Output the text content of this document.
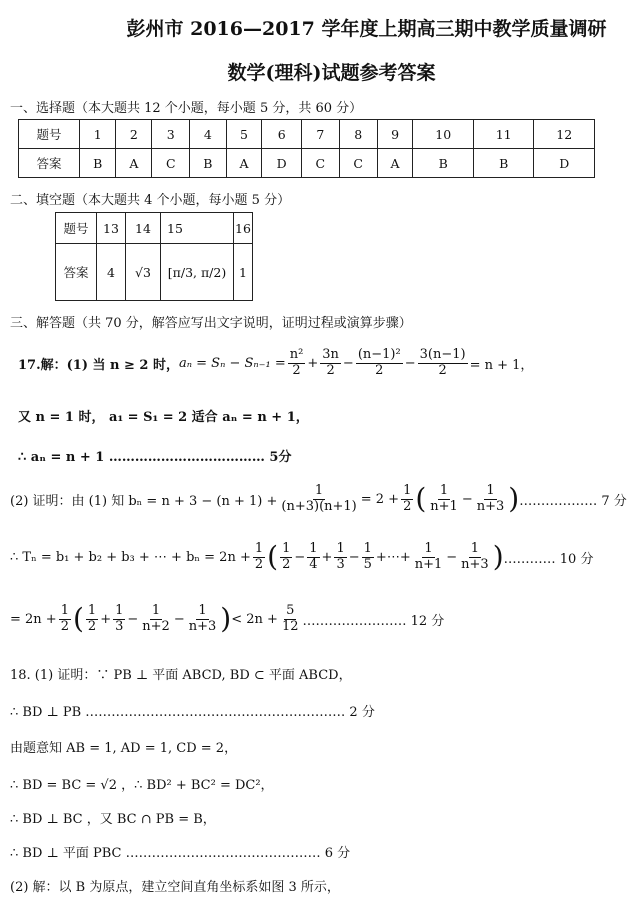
彭州市 2016—2017 学年度上期高三期中教学质量调研
数学(理科)试题参考答案
一、选择题（本大题共 12 个小题，每小题 5 分，共 60 分）
题号	1	2	3	4	5	6	7	8	9	10	11	12
答案	B	A	C	B	A	D	C	C	A	B	B	D
二、填空题（本大题共 4 个小题，每小题 5 分）
题号	13	14	15	16
答案	4	√3	[π/3, π/2)	1
三、解答题（共 70 分，解答应写出文字说明，证明过程或演算步骤）
17.解：(1) 当 n ≥ 2 时， $a_n = S_n - S_{n-1} = \frac{\text{n²}}{2} + \frac{3n}{2} - \frac{\text{(n−1)²}}{2} - \frac{3(n-1)}{2} = n + 1$，
又 n = 1 时， a₁ = S₁ = 2 适合 aₙ = n + 1，
∴ aₙ = n + 1 ……………………………… 5分
(2) 证明：由 (1) 知 $b_n = n + 3 - (n + 1) + \frac{1}{(n+3)(n+1)} = 2 + \frac{1}{2}$ ( $\frac{1}{n+1} - \frac{1}{n+3}$ ) ……………… 7 分
∴ Tₙ = b₁ + b₂ + b₃ + ⋯ + $b_n = 2n + \frac{1}{2}$ ( $\frac{1}{2} - \frac{1}{4} + \frac{1}{3} - \frac{1}{5}$ +⋯+ $\frac{1}{n+1} - \frac{1}{n+3}$ ) ………… 10 分
= $2n + \frac{1}{2}$ ( $\frac{1}{2} + \frac{1}{3} - \frac{1}{n+2} - \frac{1}{n+3}$ ) < $2n + \frac{5}{12}$ …………………… 12 分
18. (1) 证明：∵ PB ⊥ 平面 ABCD, BD ⊂ 平面 ABCD，
∴ BD ⊥ PB …………………………………………………… 2 分
由题意知 AB = 1, AD = 1, CD = 2，
∴ BD = BC = √2 ，∴ BD² + BC² = DC²，
∴ BD ⊥ BC ，又 BC ∩ PB = B，
∴ BD ⊥ 平面 PBC ……………………………………… 6 分
(2) 解：以 B 为原点，建立空间直角坐标系如图 3 所示，
